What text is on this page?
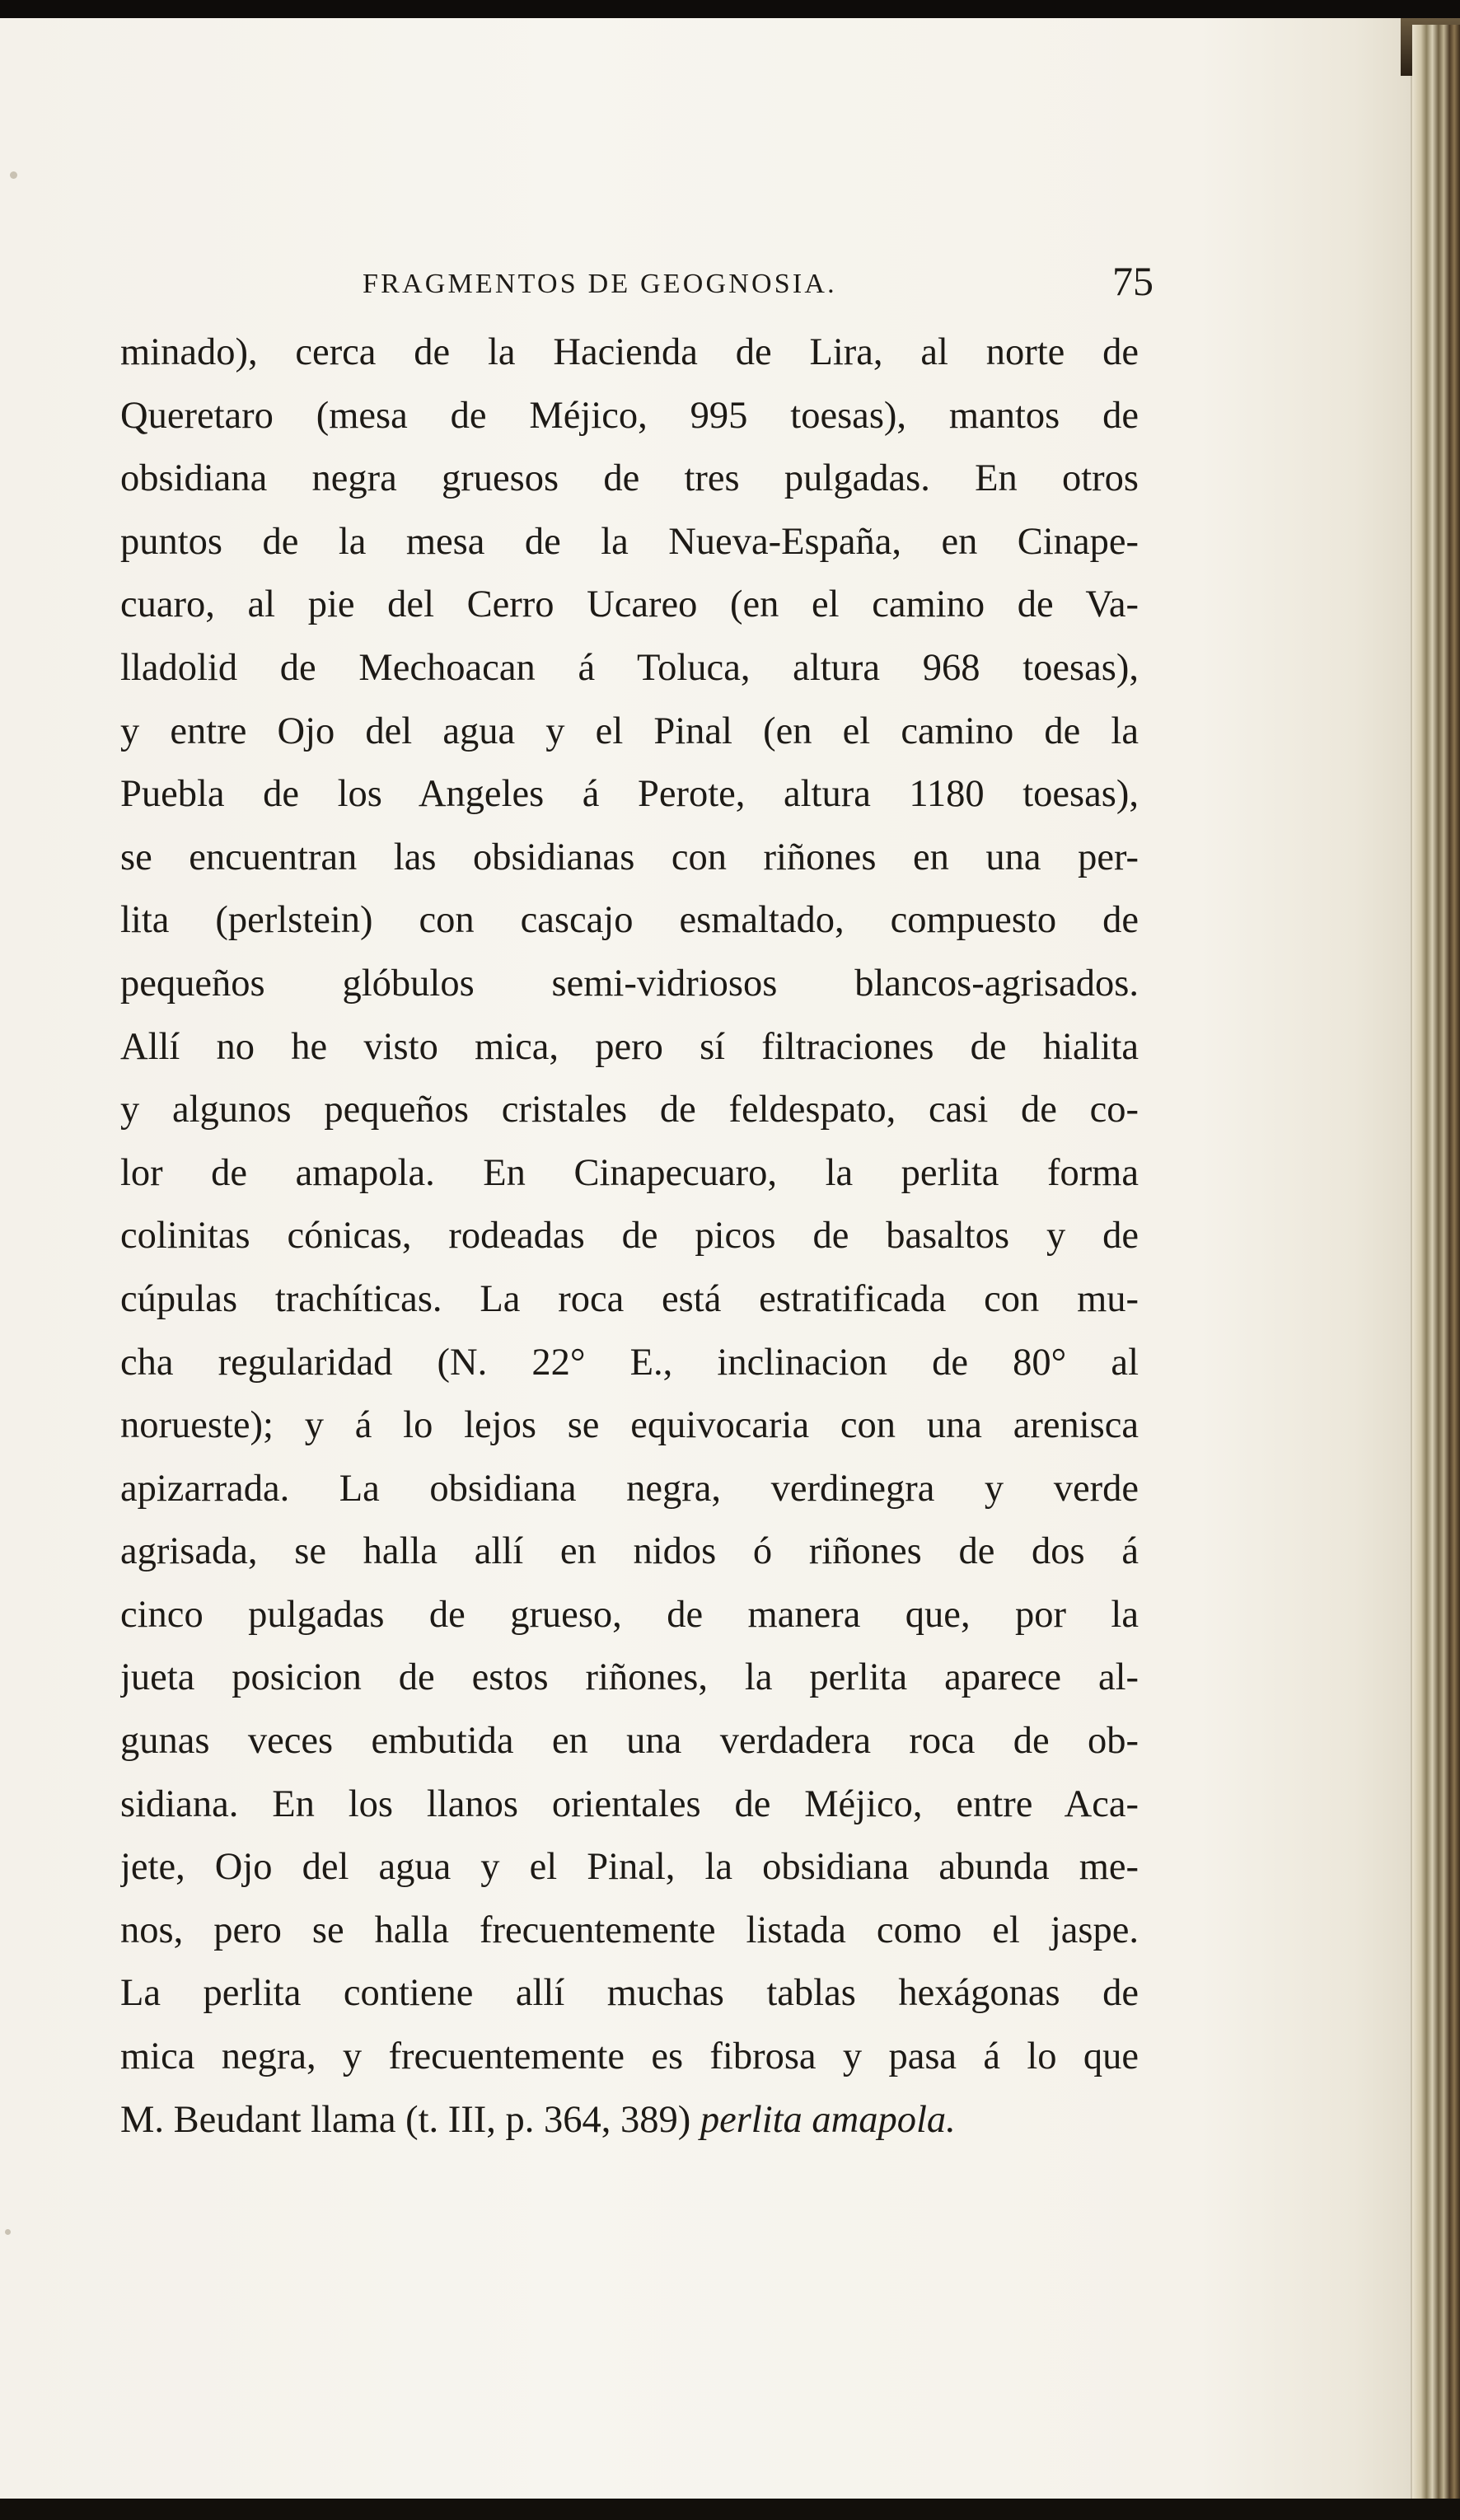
FRAGMENTOS DE GEOGNOSIA.	75
minado), cerca de la Hacienda de Lira, al norte de
Queretaro (mesa de Méjico, 995 toesas), mantos de
obsidiana negra gruesos de tres pulgadas. En otros
puntos de la mesa de la Nueva-España, en Cinape-
cuaro, al pie del Cerro Ucareo (en el camino de Va-
lladolid de Mechoacan á Toluca, altura 968 toesas),
y entre Ojo del agua y el Pinal (en el camino de la
Puebla de los Angeles á Perote, altura 1180 toesas),
se encuentran las obsidianas con riñones en una per-
lita (perlstein) con cascajo esmaltado, compuesto de
pequeños glóbulos semi-vidriosos blancos-agrisados.
Allí no he visto mica, pero sí filtraciones de hialita
y algunos pequeños cristales de feldespato, casi de co-
lor de amapola. En Cinapecuaro, la perlita forma
colinitas cónicas, rodeadas de picos de basaltos y de
cúpulas trachíticas. La roca está estratificada con mu-
cha regularidad (N. 22° E., inclinacion de 80° al
norueste); y á lo lejos se equivocaria con una arenisca
apizarrada. La obsidiana negra, verdinegra y verde
agrisada, se halla allí en nidos ó riñones de dos á
cinco pulgadas de grueso, de manera que, por la
jueta posicion de estos riñones, la perlita aparece al-
gunas veces embutida en una verdadera roca de ob-
sidiana. En los llanos orientales de Méjico, entre Aca-
jete, Ojo del agua y el Pinal, la obsidiana abunda me-
nos, pero se halla frecuentemente listada como el jaspe.
La perlita contiene allí muchas tablas hexágonas de
mica negra, y frecuentemente es fibrosa y pasa á lo que
M. Beudant llama (t. III, p. 364, 389) perlita amapola.
